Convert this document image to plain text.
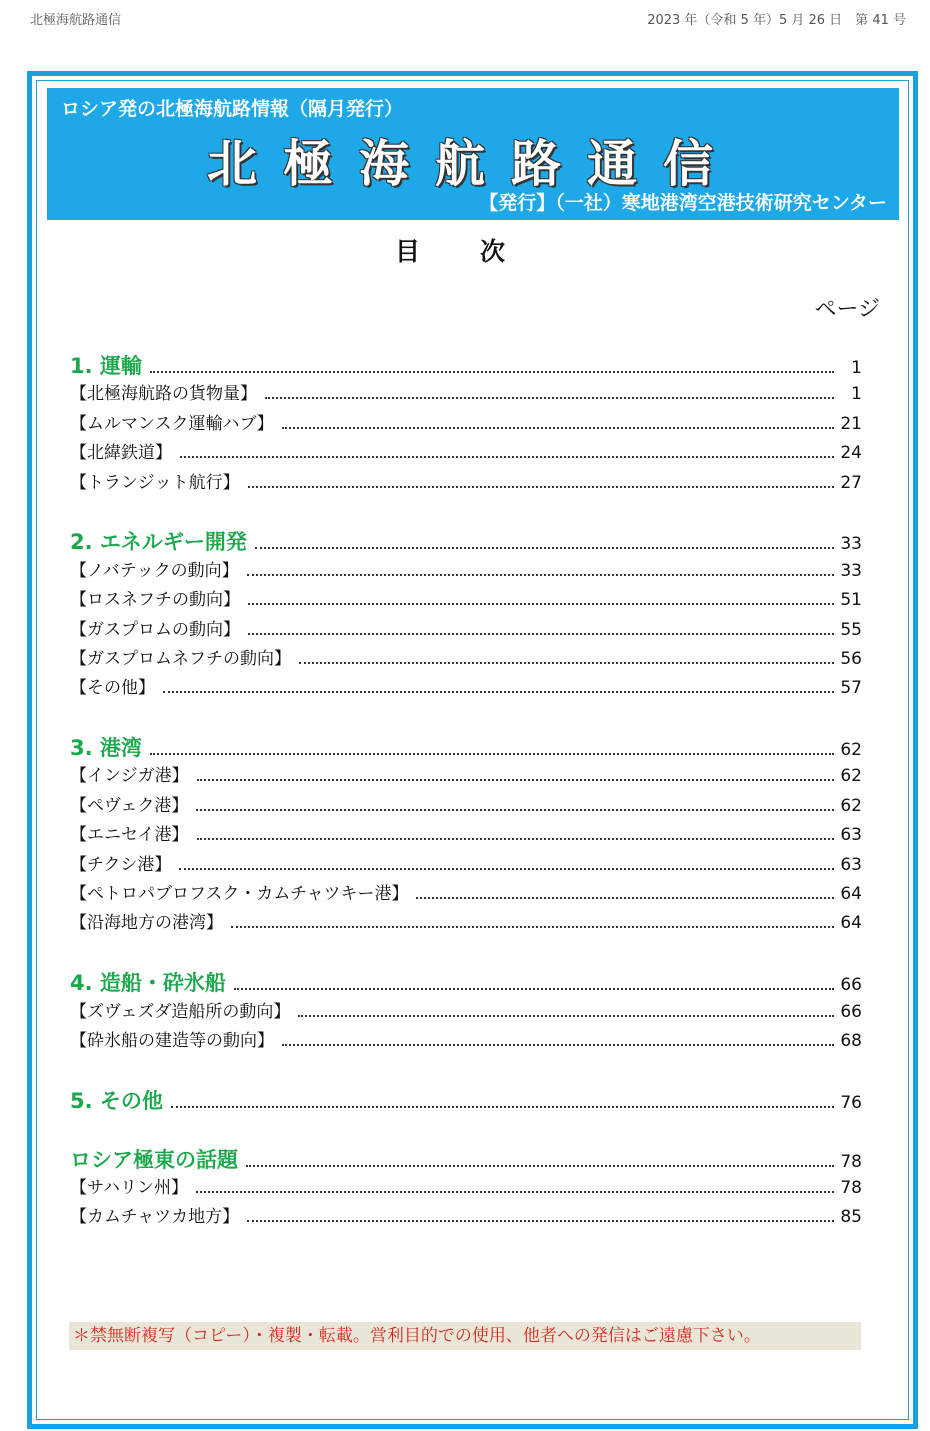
北極海航路通信	2023 年（令和 5 年）5 月 26 日　第 41 号
ロシア発の北極海航路情報（隔月発行）
北極海航路通信
【発行】（一社）寒地港湾空港技術研究センター
目次
ページ
1. 運輸	1
【北極海航路の貨物量】	1
【ムルマンスク運輸ハブ】	21
【北緯鉄道】	24
【トランジット航行】	27
2. エネルギー開発	33
【ノバテックの動向】	33
【ロスネフチの動向】	51
【ガスプロムの動向】	55
【ガスプロムネフチの動向】	56
【その他】	57
3. 港湾	62
【インジガ港】	62
【ペヴェク港】	62
【エニセイ港】	63
【チクシ港】	63
【ペトロパブロフスク・カムチャツキー港】	64
【沿海地方の港湾】	64
4. 造船・砕氷船	66
【ズヴェズダ造船所の動向】	66
【砕氷船の建造等の動向】	68
5. その他	76
ロシア極東の話題	78
【サハリン州】	78
【カムチャツカ地方】	85
＊禁無断複写（コピー）・複製・転載。営利目的での使用、他者への発信はご遠慮下さい。
